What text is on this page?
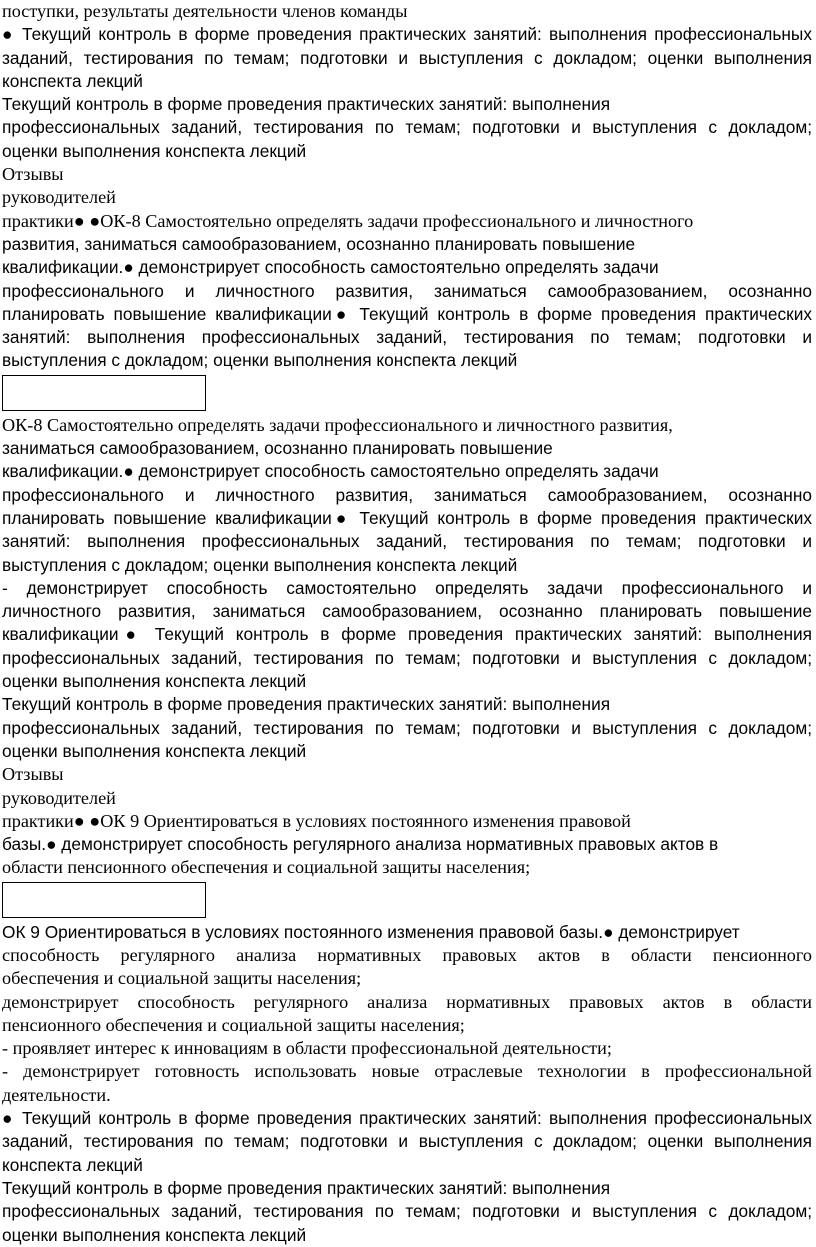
поступки, результаты деятельности членов команды
● Текущий контроль в форме проведения практических занятий: выполнения профессиональных
заданий, тестирования по темам; подготовки и выступления с докладом; оценки выполнения
конспекта лекций
Текущий контроль в форме проведения практических занятий: выполнения
профессиональных заданий, тестирования по темам; подготовки и выступления с докладом;
оценки выполнения конспекта лекций
Отзывы
руководителей
практики● ●ОК-8 Самостоятельно определять задачи профессионального и личностного
развития, заниматься самообразованием, осознанно планировать повышение
квалификации.● демонстрирует способность самостоятельно определять задачи
профессионального и личностного развития, заниматься самообразованием, осознанно
планировать повышение квалификации● Текущий контроль в форме проведения практических
занятий: выполнения профессиональных заданий, тестирования по темам; подготовки и
выступления с докладом; оценки выполнения конспекта лекций
ОК-8 Самостоятельно определять задачи профессионального и личностного развития,
заниматься самообразованием, осознанно планировать повышение
квалификации.● демонстрирует способность самостоятельно определять задачи
профессионального и личностного развития, заниматься самообразованием, осознанно
планировать повышение квалификации● Текущий контроль в форме проведения практических
занятий: выполнения профессиональных заданий, тестирования по темам; подготовки и
выступления с докладом; оценки выполнения конспекта лекций
- демонстрирует способность самостоятельно определять задачи профессионального и
личностного развития, заниматься самообразованием, осознанно планировать повышение
квалификации● Текущий контроль в форме проведения практических занятий: выполнения
профессиональных заданий, тестирования по темам; подготовки и выступления с докладом;
оценки выполнения конспекта лекций
Текущий контроль в форме проведения практических занятий: выполнения
профессиональных заданий, тестирования по темам; подготовки и выступления с докладом;
оценки выполнения конспекта лекций
Отзывы
руководителей
практики● ●ОК 9 Ориентироваться в условиях постоянного изменения правовой
базы.● демонстрирует способность регулярного анализа нормативных правовых актов в
области пенсионного обеспечения и социальной защиты населения;
ОК 9 Ориентироваться в условиях постоянного изменения правовой базы.● демонстрирует
способность регулярного анализа нормативных правовых актов в области пенсионного
обеспечения и социальной защиты населения;
демонстрирует способность регулярного анализа нормативных правовых актов в области
пенсионного обеспечения и социальной защиты населения;
- проявляет интерес к инновациям в области профессиональной деятельности;
- демонстрирует готовность использовать новые отраслевые технологии в профессиональной
деятельности.
● Текущий контроль в форме проведения практических занятий: выполнения профессиональных
заданий, тестирования по темам; подготовки и выступления с докладом; оценки выполнения
конспекта лекций
Текущий контроль в форме проведения практических занятий: выполнения
профессиональных заданий, тестирования по темам; подготовки и выступления с докладом;
оценки выполнения конспекта лекций
